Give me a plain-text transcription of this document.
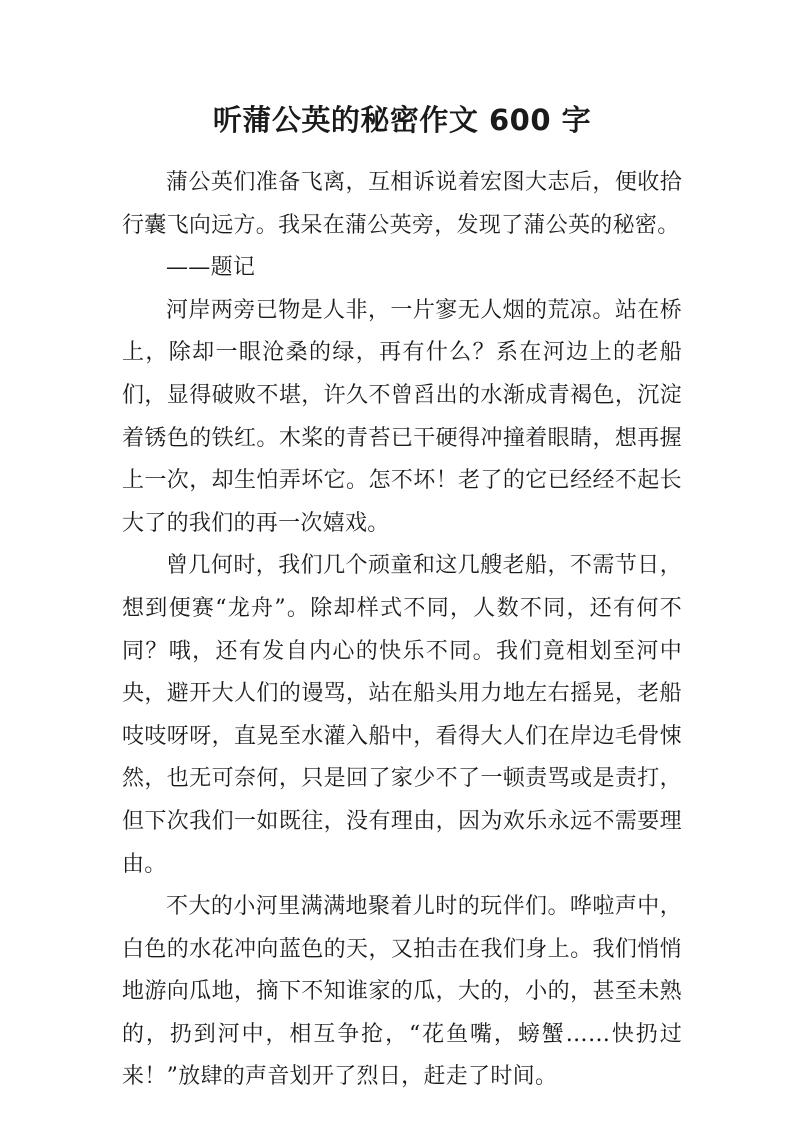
听蒲公英的秘密作文 600 字

蒲公英们准备飞离，互相诉说着宏图大志后，便收拾行囊飞向远方。我呆在蒲公英旁，发现了蒲公英的秘密。

——题记

河岸两旁已物是人非，一片寥无人烟的荒凉。站在桥上，除却一眼沧桑的绿，再有什么？系在河边上的老船们，显得破败不堪，许久不曾舀出的水渐成青褐色，沉淀着锈色的铁红。木桨的青苔已干硬得冲撞着眼睛，想再握上一次，却生怕弄坏它。怎不坏！老了的它已经经不起长大了的我们的再一次嬉戏。

曾几何时，我们几个顽童和这几艘老船，不需节日，想到便赛“龙舟”。除却样式不同，人数不同，还有何不同？哦，还有发自内心的快乐不同。我们竟相划至河中央，避开大人们的谩骂，站在船头用力地左右摇晃，老船吱吱呀呀，直晃至水灌入船中，看得大人们在岸边毛骨悚然，也无可奈何，只是回了家少不了一顿责骂或是责打，但下次我们一如既往，没有理由，因为欢乐永远不需要理由。

不大的小河里满满地聚着儿时的玩伴们。哗啦声中，白色的水花冲向蓝色的天，又拍击在我们身上。我们悄悄地游向瓜地，摘下不知谁家的瓜，大的，小的，甚至未熟的，扔到河中，相互争抢，“花鱼嘴，螃蟹……快扔过来！”放肆的声音划开了烈日，赶走了时间。
